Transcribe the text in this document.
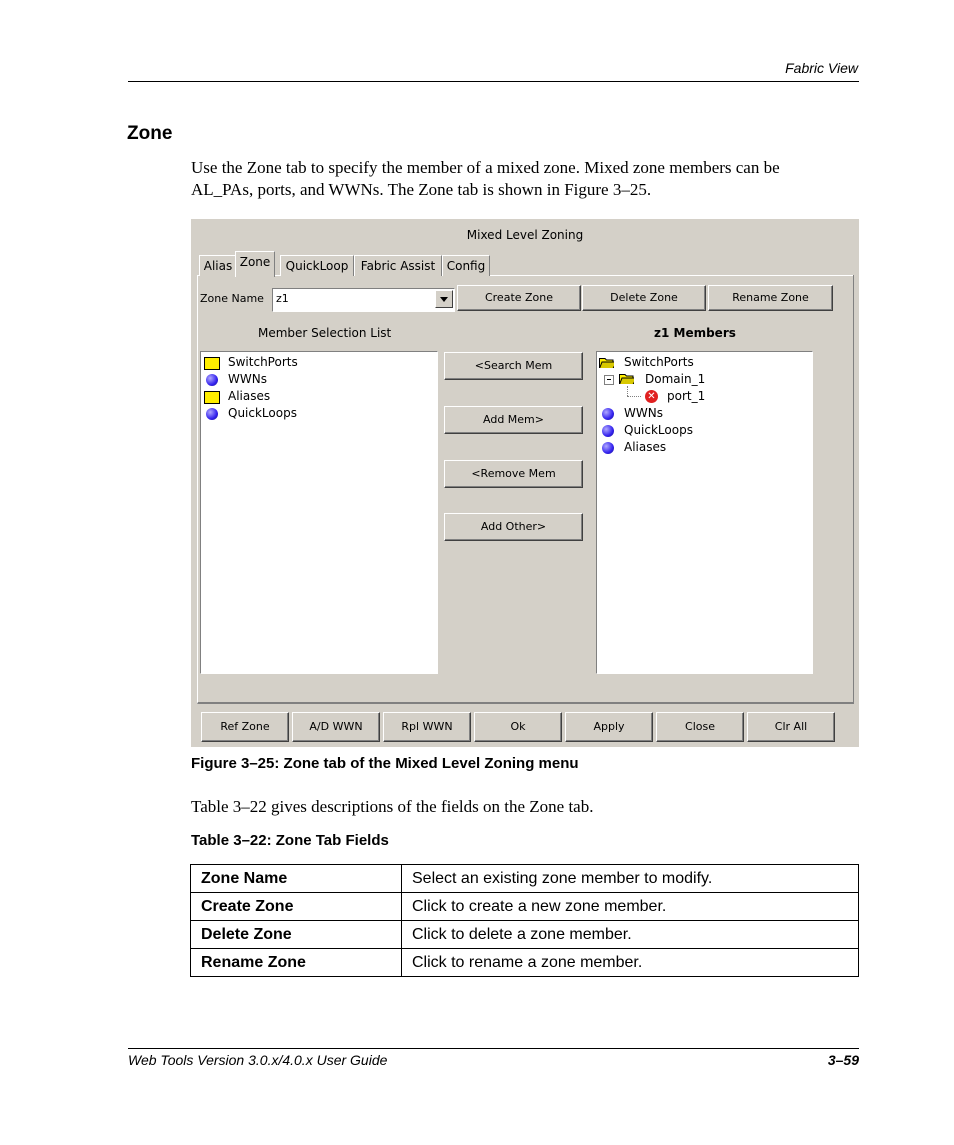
Fabric View
Zone
Use the Zone tab to specify the member of a mixed zone. Mixed zone members can be
AL_PAs, ports, and WWNs. The Zone tab is shown in Figure 3–25.
Mixed Level Zoning
Alias Zone	QuickLoop	Fabric Assist Config
Zone Name z1	Create Zone	Delete Zone	Rename Zone
Member Selection List	z1 Members
SwitchPorts
WWNs
Aliases
QuickLoops
<Search Mem
Add Mem>
<Remove Mem
Add Other>
SwitchPorts
Domain_1
✕ port_1
WWNs
QuickLoops
Aliases
Ref Zone	A/D WWN	Rpl WWN	Ok	Apply	Close	Clr All
Figure 3–25: Zone tab of the Mixed Level Zoning menu
Table 3–22 gives descriptions of the fields on the Zone tab.
Table 3–22: Zone Tab Fields
Zone Name	Select an existing zone member to modify.
Create Zone	Click to create a new zone member.
Delete Zone	Click to delete a zone member.
Rename Zone	Click to rename a zone member.
Web Tools Version 3.0.x/4.0.x User Guide	3–59
